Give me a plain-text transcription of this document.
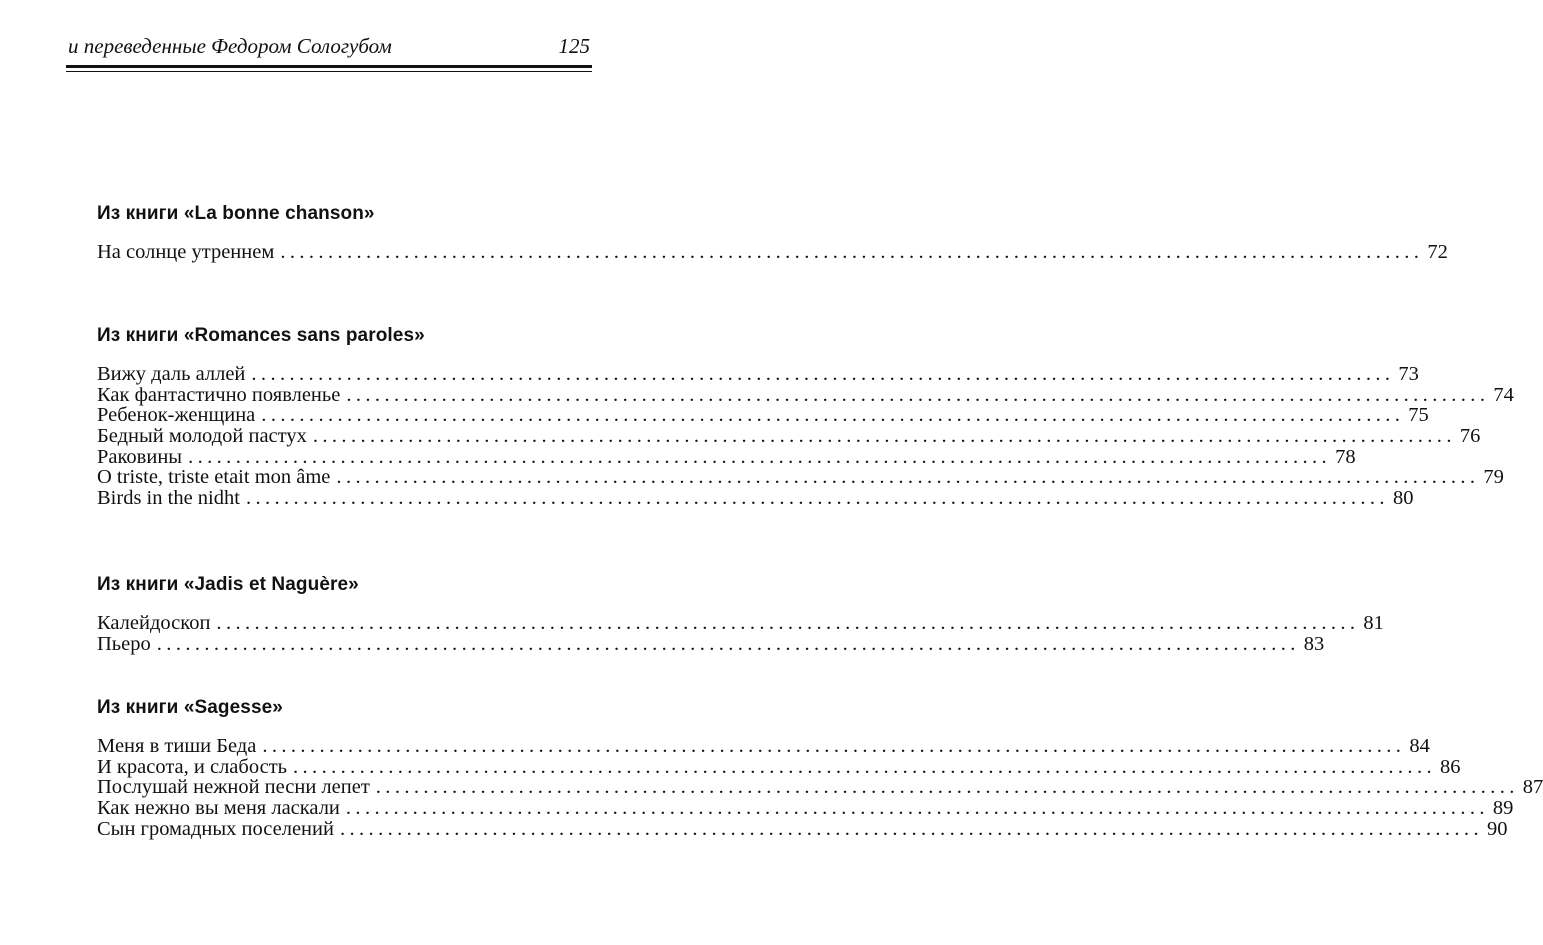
и переведенные Федором Сологубом	125
Из книги «La bonne chanson»
На солнце утреннем ........................................................................................................................ 72
Из книги «Romances sans paroles»
Вижу даль аллей ........................................................................................................................ 73
Как фантастично появленье ........................................................................................................................ 74
Ребенок-женщина ........................................................................................................................ 75
Бедный молодой пастух ........................................................................................................................ 76
Раковины ........................................................................................................................ 78
O triste, triste etait mon âme ........................................................................................................................ 79
Birds in the nidht ........................................................................................................................ 80
Из книги «Jadis et Naguère»
Калейдоскоп ........................................................................................................................ 81
Пьеро ........................................................................................................................ 83
Из книги «Sagesse»
Меня в тиши Беда ........................................................................................................................ 84
И красота, и слабость ........................................................................................................................ 86
Послушай нежной песни лепет ........................................................................................................................ 87
Как нежно вы меня ласкали ........................................................................................................................ 89
Сын громадных поселений ........................................................................................................................ 90
